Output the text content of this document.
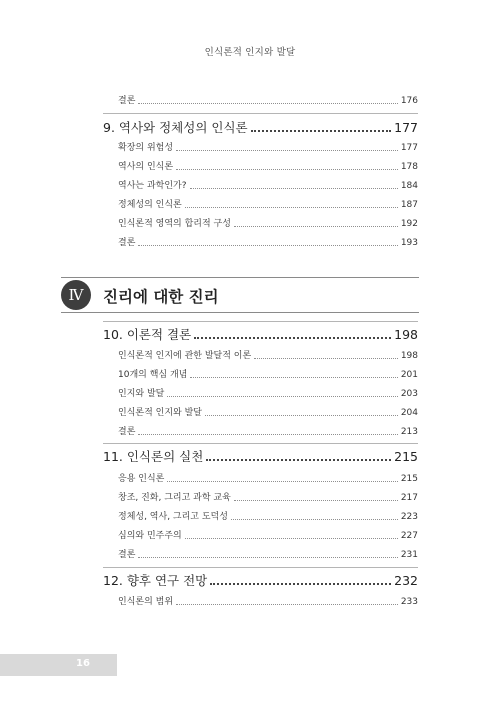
인식론적 인지와 발달
결론	176
9. 역사와 정체성의 인식론	177
확장의 위험성	177
역사의 인식론	178
역사는 과학인가?	184
정체성의 인식론	187
인식론적 영역의 합리적 구성	192
결론	193
Ⅳ	진리에 대한 진리
10. 이론적 결론	198
인식론적 인지에 관한 발달적 이론	198
10개의 핵심 개념	201
인지와 발달	203
인식론적 인지와 발달	204
결론	213
11. 인식론의 실천	215
응용 인식론	215
창조, 진화, 그리고 과학 교육	217
정체성, 역사, 그리고 도덕성	223
심의와 민주주의	227
결론	231
12. 향후 연구 전망	232
인식론의 범위	233
16
